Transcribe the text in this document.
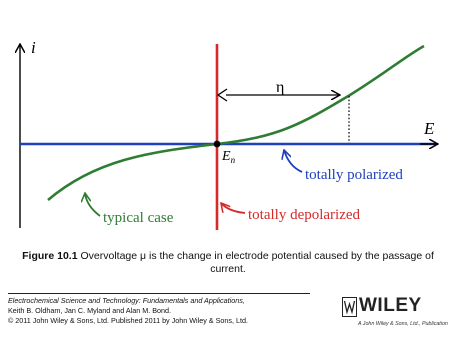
i
E
$E_n$
η
typical case
totally polarized
totally depolarized
Figure 10.1 Overvoltage μ is the change in electrode potential caused by the passage of current.
Electrochemical Science and Technology: Fundamentals and Applications,
Keith B. Oldham, Jan C. Myland and Alan M. Bond.
© 2011 John Wiley & Sons, Ltd. Published 2011 by John Wiley & Sons, Ltd.
WILEY
A John Wiley & Sons, Ltd., Publication
